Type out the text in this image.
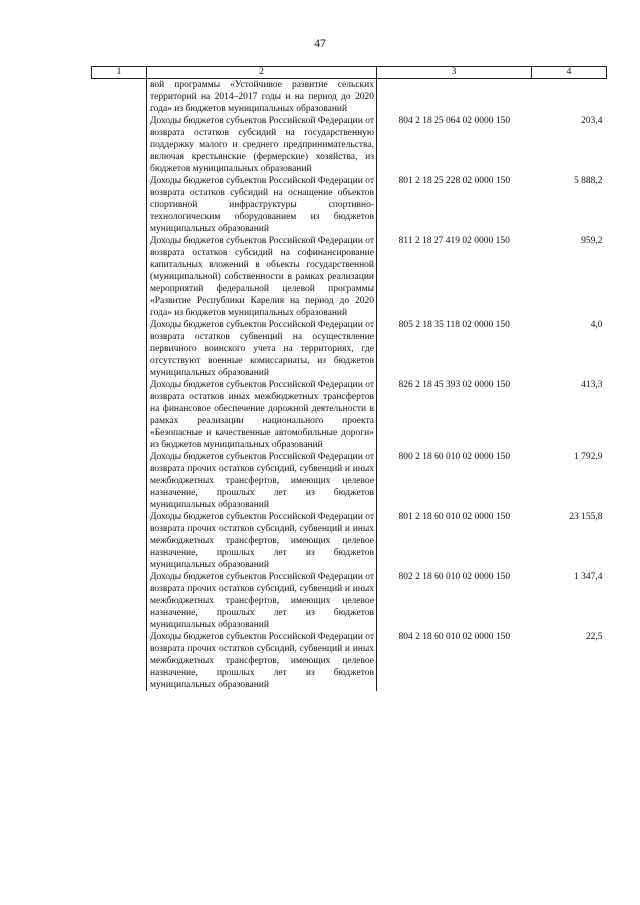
47
1	2	3	4
	вой программы «Устойчивое развитие сельских территорий на 2014–2017 годы и на период до 2020 года» из бюджетов муниципальных образований		
	Доходы бюджетов субъектов Российской Федерации от возврата остатков субсидий на государственную поддержку малого и среднего предпринимательства, включая крестьянские (фермерские) хозяйства, из бюджетов муниципальных образований	804 2 18 25 064 02 0000 150	203,4
	Доходы бюджетов субъектов Российской Федерации от возврата остатков субсидий на оснащение объектов спортивной инфраструктуры спортивно-технологическим оборудованием из бюджетов муниципальных образований	801 2 18 25 228 02 0000 150	5 888,2
	Доходы бюджетов субъектов Российской Федерации от возврата остатков субсидий на софинансирование капитальных вложений в объекты государственной (муниципальной) собственности в рамках реализации мероприятий федеральной целевой программы «Развитие Республики Карелия на период до 2020 года» из бюджетов муниципальных образований	811 2 18 27 419 02 0000 150	959,2
	Доходы бюджетов субъектов Российской Федерации от возврата остатков субвенций на осуществление первичного воинского учета на территориях, где отсутствуют военные комиссариаты, из бюджетов муниципальных образований	805 2 18 35 118 02 0000 150	4,0
	Доходы бюджетов субъектов Российской Федерации от возврата остатков иных межбюджетных трансфертов на финансовое обеспечение дорожной деятельности в рамках реализации национального проекта «Безопасные и качественные автомобильные дороги» из бюджетов муниципальных образований	826 2 18 45 393 02 0000 150	413,3
	Доходы бюджетов субъектов Российской Федерации от возврата прочих остатков субсидий, субвенций и иных межбюджетных трансфертов, имеющих целевое назначение, прошлых лет из бюджетов муниципальных образований	800 2 18 60 010 02 0000 150	1 792,9
	Доходы бюджетов субъектов Российской Федерации от возврата прочих остатков субсидий, субвенций и иных межбюджетных трансфертов, имеющих целевое назначение, прошлых лет из бюджетов муниципальных образований	801 2 18 60 010 02 0000 150	23 155,8
	Доходы бюджетов субъектов Российской Федерации от возврата прочих остатков субсидий, субвенций и иных межбюджетных трансфертов, имеющих целевое назначение, прошлых лет из бюджетов муниципальных образований	802 2 18 60 010 02 0000 150	1 347,4
	Доходы бюджетов субъектов Российской Федерации от возврата прочих остатков субсидий, субвенций и иных межбюджетных трансфертов, имеющих целевое назначение, прошлых лет из бюджетов муниципальных образований	804 2 18 60 010 02 0000 150	22,5
